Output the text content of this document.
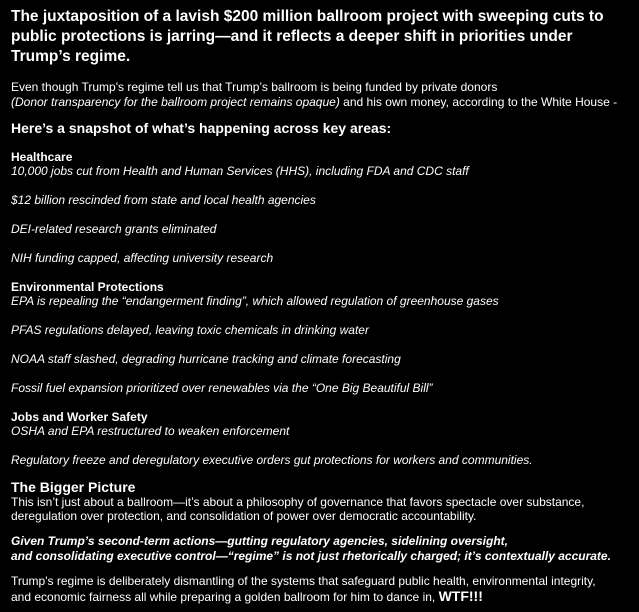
The juxtaposition of a lavish $200 million ballroom project with sweeping cuts to
public protections is jarring—and it reflects a deeper shift in priorities under Trump’s regime.
Even though Trump's regime tell us that Trump’s ballroom is being funded by private donors
(Donor transparency for the ballroom project remains opaque) and his own money, according to the White House -
Here’s a snapshot of what’s happening across key areas:
Healthcare
10,000 jobs cut from Health and Human Services (HHS), including FDA and CDC staff
$12 billion rescinded from state and local health agencies
DEI-related research grants eliminated
NIH funding capped, affecting university research
Environmental Protections
EPA is repealing the “endangerment finding”, which allowed regulation of greenhouse gases
PFAS regulations delayed, leaving toxic chemicals in drinking water
NOAA staff slashed, degrading hurricane tracking and climate forecasting
Fossil fuel expansion prioritized over renewables via the “One Big Beautiful Bill”
Jobs and Worker Safety
OSHA and EPA restructured to weaken enforcement
Regulatory freeze and deregulatory executive orders gut protections for workers and communities.
The Bigger Picture
This isn’t just about a ballroom—it’s about a philosophy of governance that favors spectacle over substance,
deregulation over protection, and consolidation of power over democratic accountability.
Given Trump’s second-term actions—gutting regulatory agencies, sidelining oversight,
and consolidating executive control—“regime” is not just rhetorically charged; it’s contextually accurate.
Trump's regime is deliberately dismantling of the systems that safeguard public health, environmental integrity,
and economic fairness all while preparing a golden ballroom for him to dance in, WTF!!!
